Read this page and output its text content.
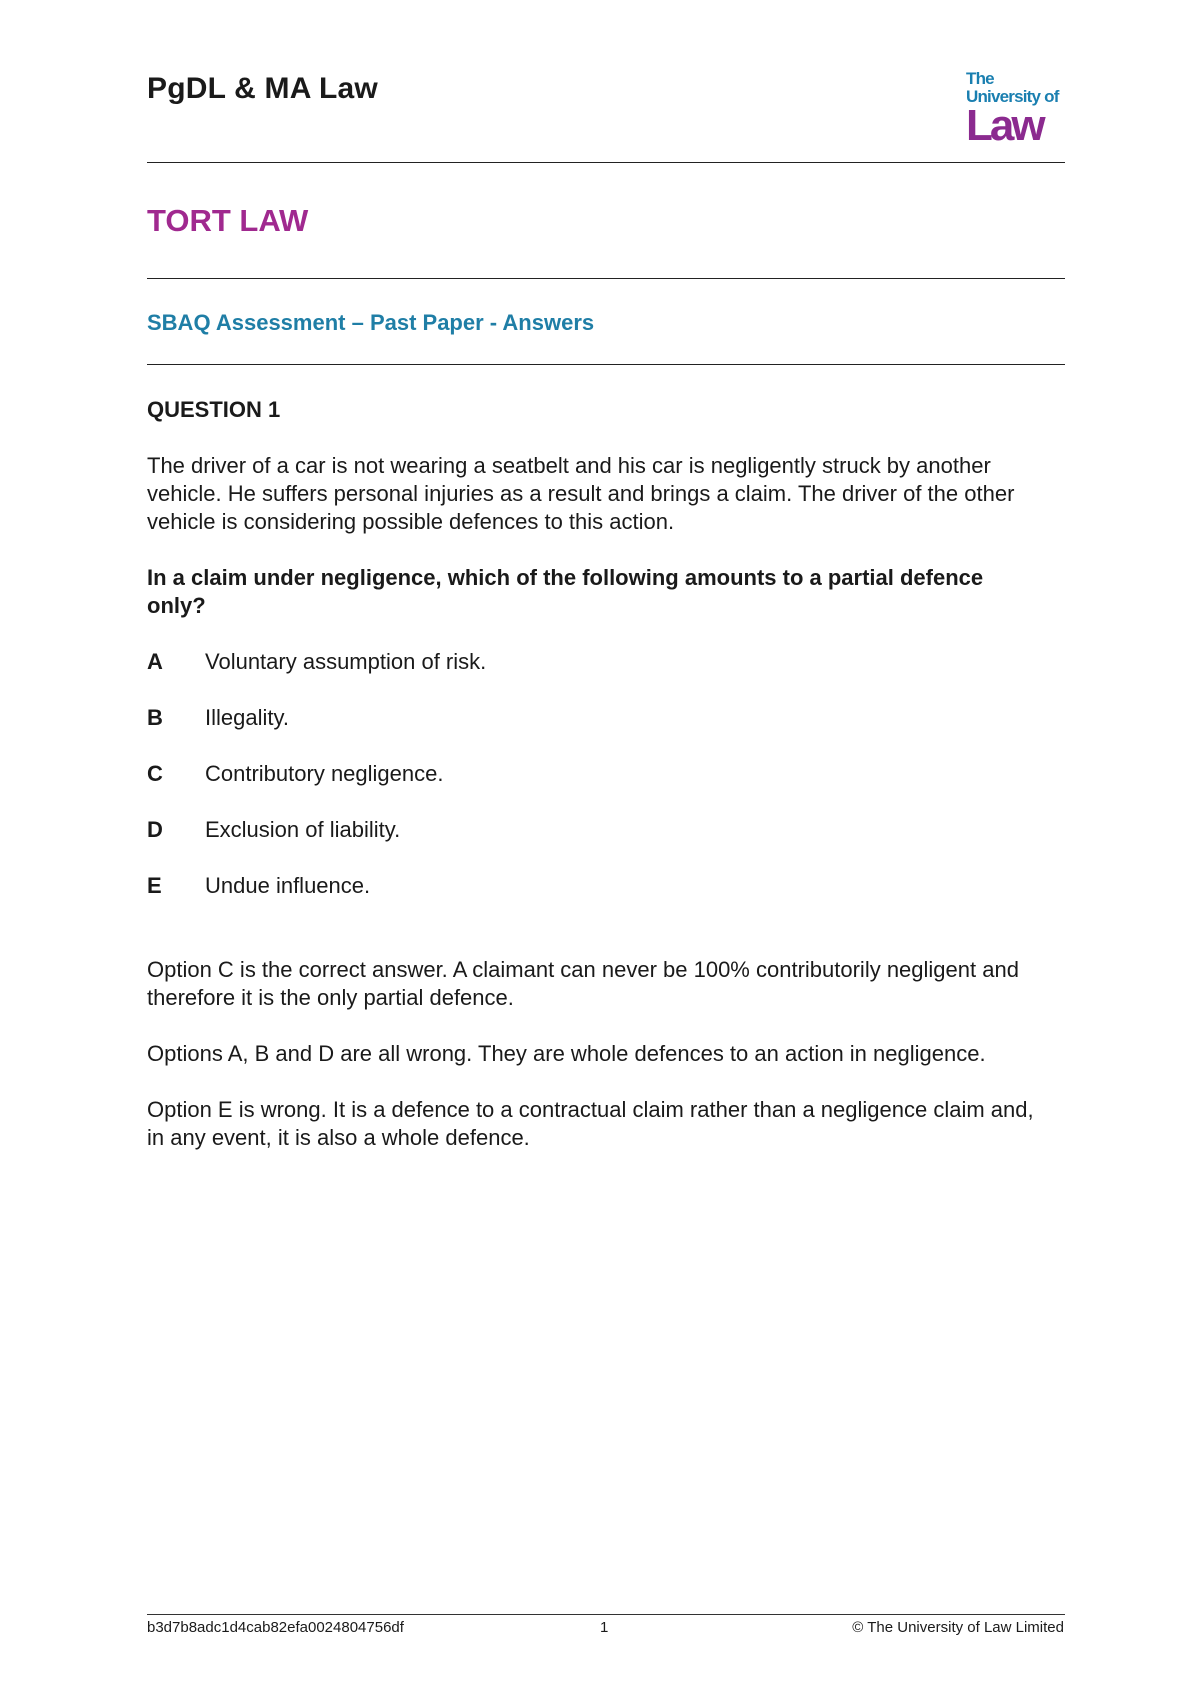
PgDL & MA Law	The
University of
Law
TORT LAW
SBAQ Assessment – Past Paper - Answers

QUESTION 1

The driver of a car is not wearing a seatbelt and his car is negligently struck by another vehicle. He suffers personal injuries as a result and brings a claim. The driver of the other vehicle is considering possible defences to this action.

In a claim under negligence, which of the following amounts to a partial defence only?

A	Voluntary assumption of risk.
B	Illegality.
C	Contributory negligence.
D	Exclusion of liability.
E	Undue influence.

Option C is the correct answer. A claimant can never be 100% contributorily negligent and therefore it is the only partial defence.

Options A, B and D are all wrong. They are whole defences to an action in negligence.

Option E is wrong. It is a defence to a contractual claim rather than a negligence claim and, in any event, it is also a whole defence.

b3d7b8adc1d4cab82efa0024804756df	1	© The University of Law Limited
